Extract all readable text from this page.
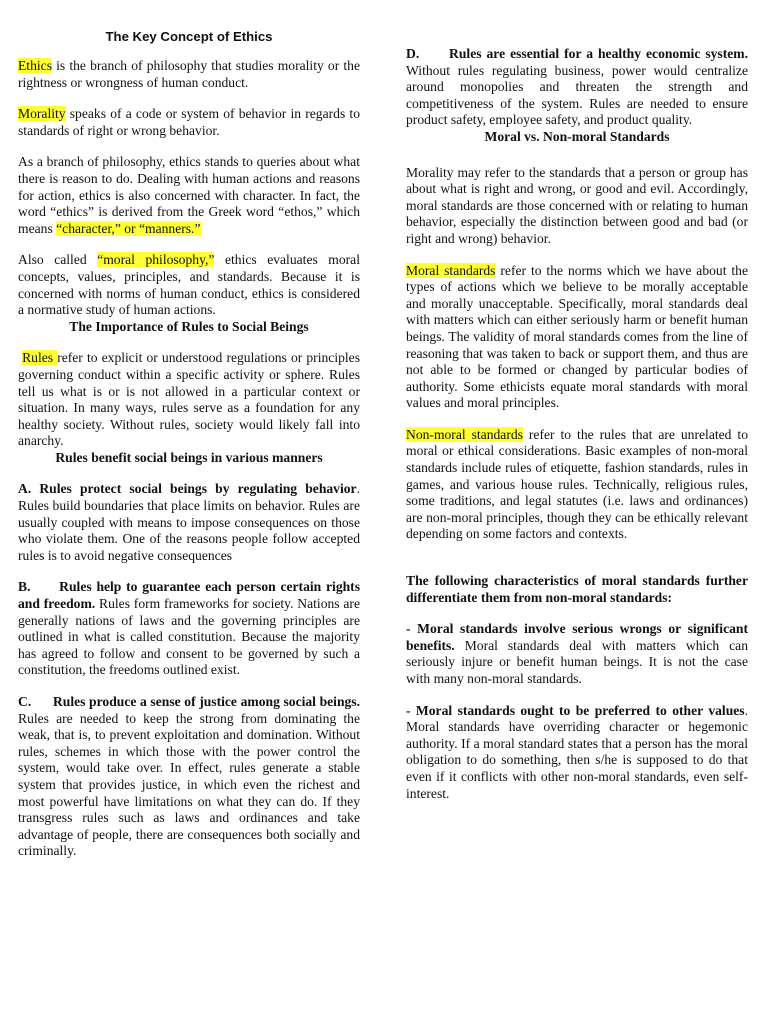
The Key Concept of Ethics

Ethics is the branch of philosophy that studies morality or the rightness or wrongness of human conduct.

Morality speaks of a code or system of behavior in regards to standards of right or wrong behavior.

As a branch of philosophy, ethics stands to queries about what there is reason to do. Dealing with human actions and reasons for action, ethics is also concerned with character. In fact, the word “ethics” is derived from the Greek word “ethos,” which means “character,” or “manners.”

Also called “moral philosophy,” ethics evaluates moral concepts, values, principles, and standards. Because it is concerned with norms of human conduct, ethics is considered a normative study of human actions.

The Importance of Rules to Social Beings

Rules refer to explicit or understood regulations or principles governing conduct within a specific activity or sphere. Rules tell us what is or is not allowed in a particular context or situation. In many ways, rules serve as a foundation for any healthy society. Without rules, society would likely fall into anarchy.

Rules benefit social beings in various manners

A. Rules protect social beings by regulating behavior. Rules build boundaries that place limits on behavior. Rules are usually coupled with means to impose consequences on those who violate them. One of the reasons people follow accepted rules is to avoid negative consequences

B.      Rules help to guarantee each person certain rights and freedom. Rules form frameworks for society. Nations are generally nations of laws and the governing principles are outlined in what is called constitution. Because the majority has agreed to follow and consent to be governed by such a constitution, the freedoms outlined exist.

C.      Rules produce a sense of justice among social beings. Rules are needed to keep the strong from dominating the weak, that is, to prevent exploitation and domination. Without rules, schemes in which those with the power control the system, would take over. In effect, rules generate a stable system that provides justice, in which even the richest and most powerful have limitations on what they can do. If they transgress rules such as laws and ordinances and take advantage of people, there are consequences both socially and criminally.

D.      Rules are essential for a healthy economic system. Without rules regulating business, power would centralize around monopolies and threaten the strength and competitiveness of the system. Rules are needed to ensure product safety, employee safety, and product quality.

Moral vs. Non-moral Standards

Morality may refer to the standards that a person or group has about what is right and wrong, or good and evil. Accordingly, moral standards are those concerned with or relating to human behavior, especially the distinction between good and bad (or right and wrong) behavior.

Moral standards refer to the norms which we have about the types of actions which we believe to be morally acceptable and morally unacceptable. Specifically, moral standards deal with matters which can either seriously harm or benefit human beings. The validity of moral standards comes from the line of reasoning that was taken to back or support them, and thus are not able to be formed or changed by particular bodies of authority. Some ethicists equate moral standards with moral values and moral principles.

Non-moral standards refer to the rules that are unrelated to moral or ethical considerations. Basic examples of non-moral standards include rules of etiquette, fashion standards, rules in games, and various house rules. Technically, religious rules, some traditions, and legal statutes (i.e. laws and ordinances) are non-moral principles, though they can be ethically relevant depending on some factors and contexts.

The following characteristics of moral standards further differentiate them from non-moral standards:

- Moral standards involve serious wrongs or significant benefits. Moral standards deal with matters which can seriously injure or benefit human beings. It is not the case with many non-moral standards.

- Moral standards ought to be preferred to other values. Moral standards have overriding character or hegemonic authority. If a moral standard states that a person has the moral obligation to do something, then s/he is supposed to do that even if it conflicts with other non-moral standards, even self-interest.
